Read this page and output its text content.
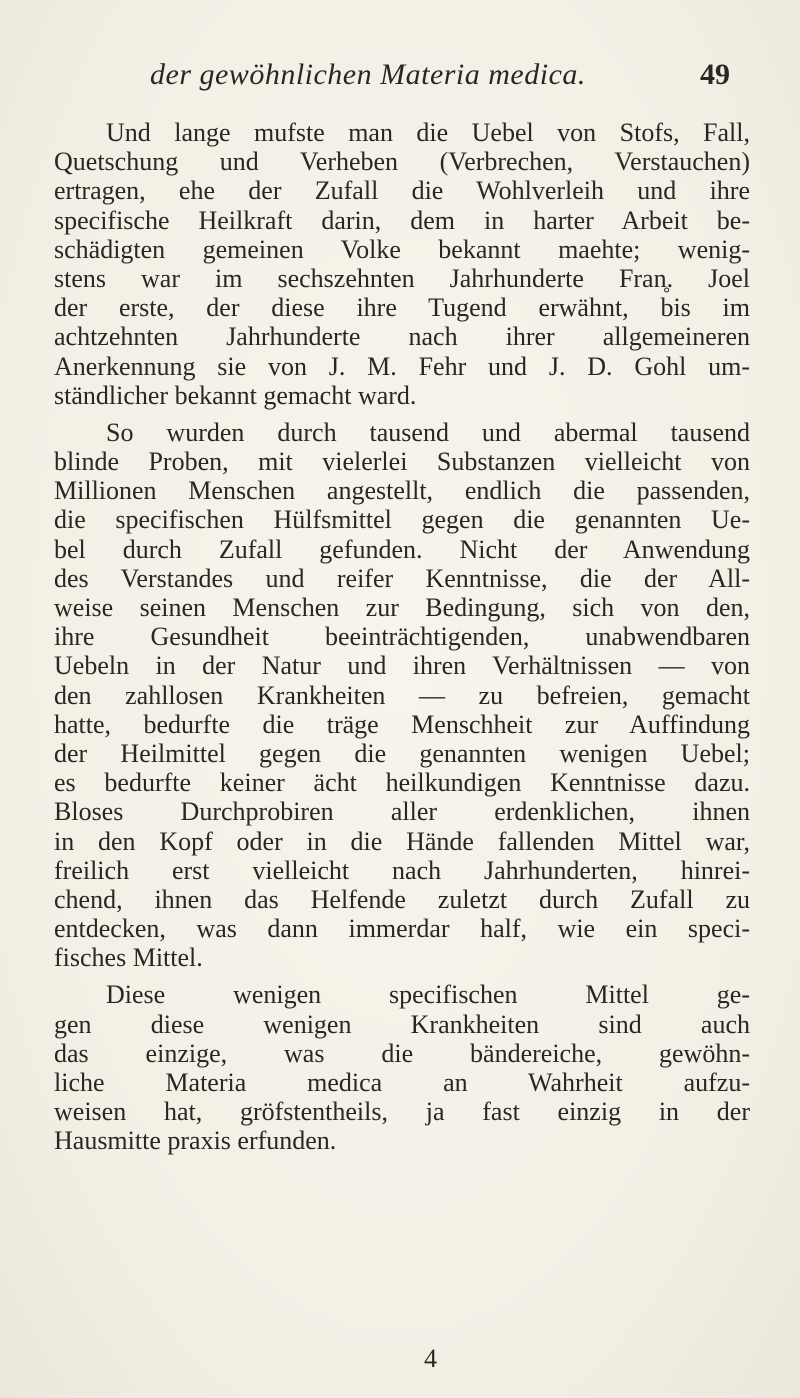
der gewöhnlichen Materia medica.	49
Und lange mufste man die Uebel von Stofs, Fall,
Quetschung und Verheben (Verbrechen, Verstauchen)
ertragen, ehe der Zufall die Wohlverleih und ihre
specifische Heilkraft darin, dem in harter Arbeit be-
schädigten gemeinen Volke bekannt maehte; wenig-
stens war im sechszehnten Jahrhunderte Fran̥. Joel
der erste, der diese ihre Tugend erwähnt, bis im
achtzehnten Jahrhunderte nach ihrer allgemeineren
Anerkennung sie von J. M. Fehr und J. D. Gohl um-
ständlicher bekannt gemacht ward.
So wurden durch tausend und abermal tausend
blinde Proben, mit vielerlei Substanzen vielleicht von
Millionen Menschen angestellt, endlich die passenden,
die specifischen Hülfsmittel gegen die genannten Ue-
bel durch Zufall gefunden. Nicht der Anwendung
des Verstandes und reifer Kenntnisse, die der All-
weise seinen Menschen zur Bedingung, sich von den,
ihre Gesundheit beeinträchtigenden, unabwendbaren
Uebeln in der Natur und ihren Verhältnissen — von
den zahllosen Krankheiten — zu befreien, gemacht
hatte, bedurfte die träge Menschheit zur Auffindung
der Heilmittel gegen die genannten wenigen Uebel;
es bedurfte keiner ächt heilkundigen Kenntnisse dazu.
Bloses Durchprobiren aller erdenklichen, ihnen
in den Kopf oder in die Hände fallenden Mittel war,
freilich erst vielleicht nach Jahrhunderten, hinrei-
chend, ihnen das Helfende zuletzt durch Zufall zu
entdecken, was dann immerdar half, wie ein speci-
fisches Mittel.
Diese wenigen specifischen Mittel ge-
gen diese wenigen Krankheiten sind auch
das einzige, was die bändereiche, gewöhn-
liche Materia medica an Wahrheit aufzu-
weisen hat, gröfstentheils, ja fast einzig in der
Hausmitte praxis erfunden.
4
